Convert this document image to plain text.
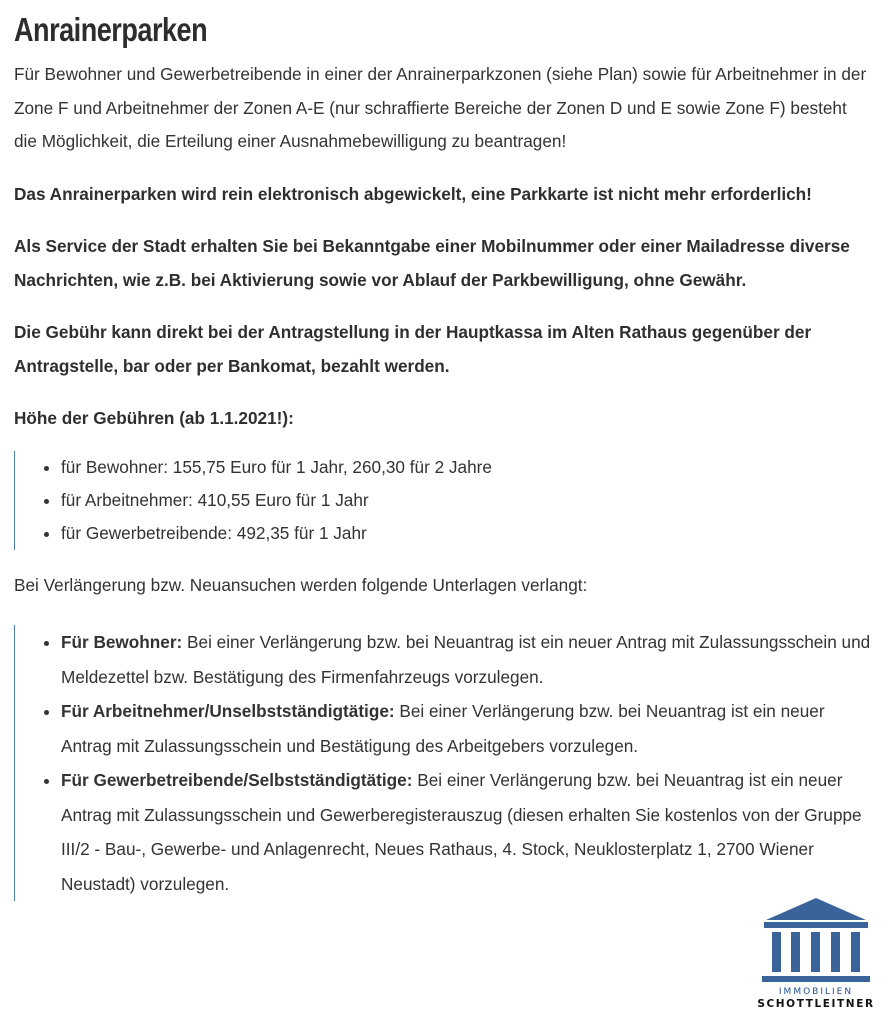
Anrainerparken

Für Bewohner und Gewerbetreibende in einer der Anrainerparkzonen (siehe Plan) sowie für Arbeitnehmer in der Zone F und Arbeitnehmer der Zonen A-E (nur schraffierte Bereiche der Zonen D und E sowie Zone F) besteht die Möglichkeit, die Erteilung einer Ausnahmebewilligung zu beantragen!

Das Anrainerparken wird rein elektronisch abgewickelt, eine Parkkarte ist nicht mehr erforderlich!

Als Service der Stadt erhalten Sie bei Bekanntgabe einer Mobilnummer oder einer Mailadresse diverse Nachrichten, wie z.B. bei Aktivierung sowie vor Ablauf der Parkbewilligung, ohne Gewähr.

Die Gebühr kann direkt bei der Antragstellung in der Hauptkassa im Alten Rathaus gegenüber der Antragstelle, bar oder per Bankomat, bezahlt werden.

Höhe der Gebühren (ab 1.1.2021!):

• für Bewohner: 155,75 Euro für 1 Jahr, 260,30 für 2 Jahre
• für Arbeitnehmer: 410,55 Euro für 1 Jahr
• für Gewerbetreibende: 492,35 für 1 Jahr

Bei Verlängerung bzw. Neuansuchen werden folgende Unterlagen verlangt:

• Für Bewohner: Bei einer Verlängerung bzw. bei Neuantrag ist ein neuer Antrag mit Zulassungsschein und Meldezettel bzw. Bestätigung des Firmenfahrzeugs vorzulegen.
• Für Arbeitnehmer/Unselbstständigtätige: Bei einer Verlängerung bzw. bei Neuantrag ist ein neuer Antrag mit Zulassungsschein und Bestätigung des Arbeitgebers vorzulegen.
• Für Gewerbetreibende/Selbstständigtätige: Bei einer Verlängerung bzw. bei Neuantrag ist ein neuer Antrag mit Zulassungsschein und Gewerberegisterauszug (diesen erhalten Sie kostenlos von der Gruppe III/2 - Bau-, Gewerbe- und Anlagenrecht, Neues Rathaus, 4. Stock, Neuklosterplatz 1, 2700 Wiener Neustadt) vorzulegen.
IMMOBILIEN
SCHOTTLEITNER
